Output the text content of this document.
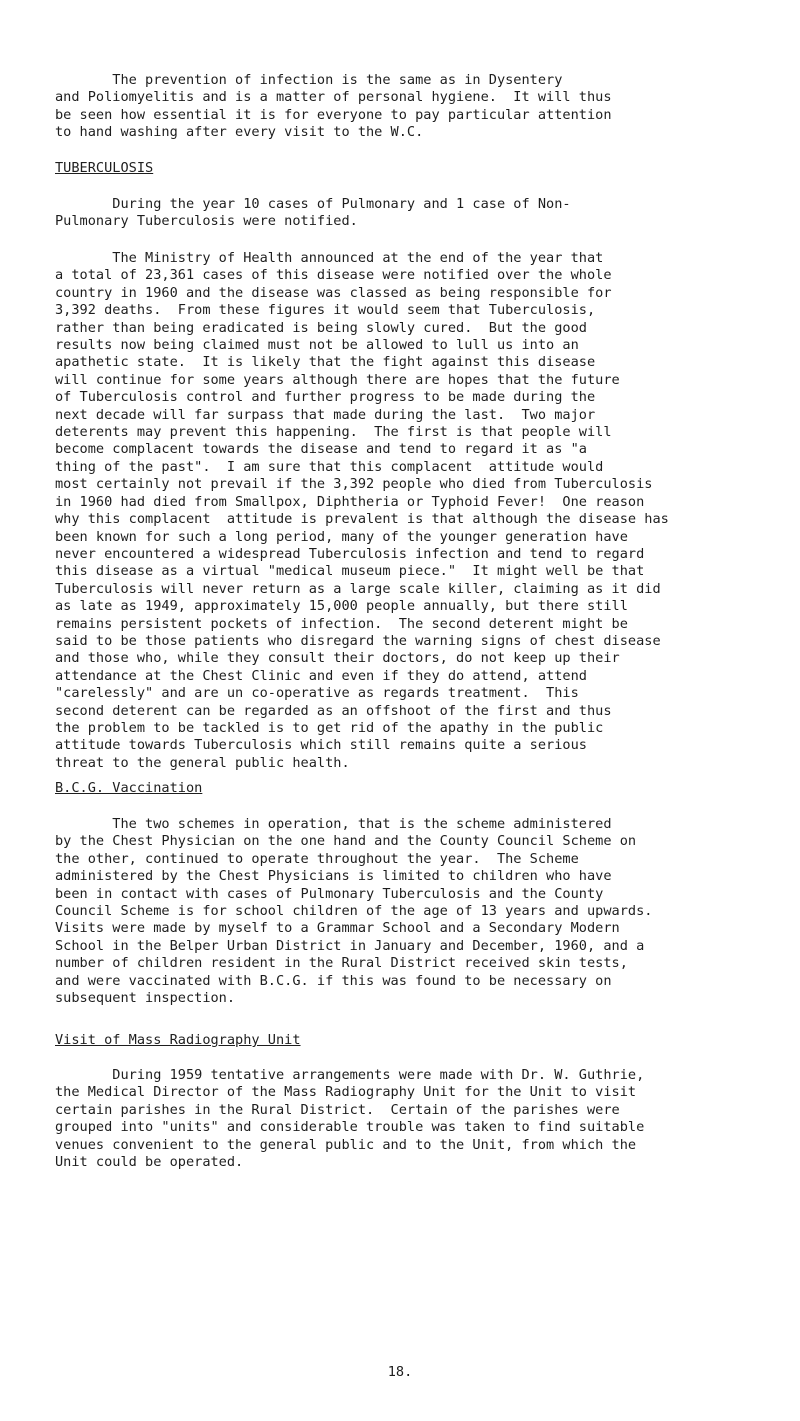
The prevention of infection is the same as in Dysentery
and Poliomyelitis and is a matter of personal hygiene.  It will thus
be seen how essential it is for everyone to pay particular attention
to hand washing after every visit to the W.C.

TUBERCULOSIS

During the year 10 cases of Pulmonary and 1 case of Non-
Pulmonary Tuberculosis were notified.

The Ministry of Health announced at the end of the year that
a total of 23,361 cases of this disease were notified over the whole
country in 1960 and the disease was classed as being responsible for
3,392 deaths.  From these figures it would seem that Tuberculosis,
rather than being eradicated is being slowly cured.  But the good
results now being claimed must not be allowed to lull us into an
apathetic state.  It is likely that the fight against this disease
will continue for some years although there are hopes that the future
of Tuberculosis control and further progress to be made during the
next decade will far surpass that made during the last.  Two major
deterents may prevent this happening.  The first is that people will
become complacent towards the disease and tend to regard it as "a
thing of the past".  I am sure that this complacent  attitude would
most certainly not prevail if the 3,392 people who died from Tuberculosis
in 1960 had died from Smallpox, Diphtheria or Typhoid Fever!  One reason
why this complacent  attitude is prevalent is that although the disease has
been known for such a long period, many of the younger generation have
never encountered a widespread Tuberculosis infection and tend to regard
this disease as a virtual "medical museum piece."  It might well be that
Tuberculosis will never return as a large scale killer, claiming as it did
as late as 1949, approximately 15,000 people annually, but there still
remains persistent pockets of infection.  The second deterent might be
said to be those patients who disregard the warning signs of chest disease
and those who, while they consult their doctors, do not keep up their
attendance at the Chest Clinic and even if they do attend, attend
"carelessly" and are un co-operative as regards treatment.  This
second deterent can be regarded as an offshoot of the first and thus
the problem to be tackled is to get rid of the apathy in the public
attitude towards Tuberculosis which still remains quite a serious
threat to the general public health.

B.C.G. Vaccination

The two schemes in operation, that is the scheme administered
by the Chest Physician on the one hand and the County Council Scheme on
the other, continued to operate throughout the year.  The Scheme
administered by the Chest Physicians is limited to children who have
been in contact with cases of Pulmonary Tuberculosis and the County
Council Scheme is for school children of the age of 13 years and upwards.
Visits were made by myself to a Grammar School and a Secondary Modern
School in the Belper Urban District in January and December, 1960, and a
number of children resident in the Rural District received skin tests,
and were vaccinated with B.C.G. if this was found to be necessary on
subsequent inspection.

Visit of Mass Radiography Unit

During 1959 tentative arrangements were made with Dr. W. Guthrie,
the Medical Director of the Mass Radiography Unit for the Unit to visit
certain parishes in the Rural District.  Certain of the parishes were
grouped into "units" and considerable trouble was taken to find suitable
venues convenient to the general public and to the Unit, from which the
Unit could be operated.

18.
